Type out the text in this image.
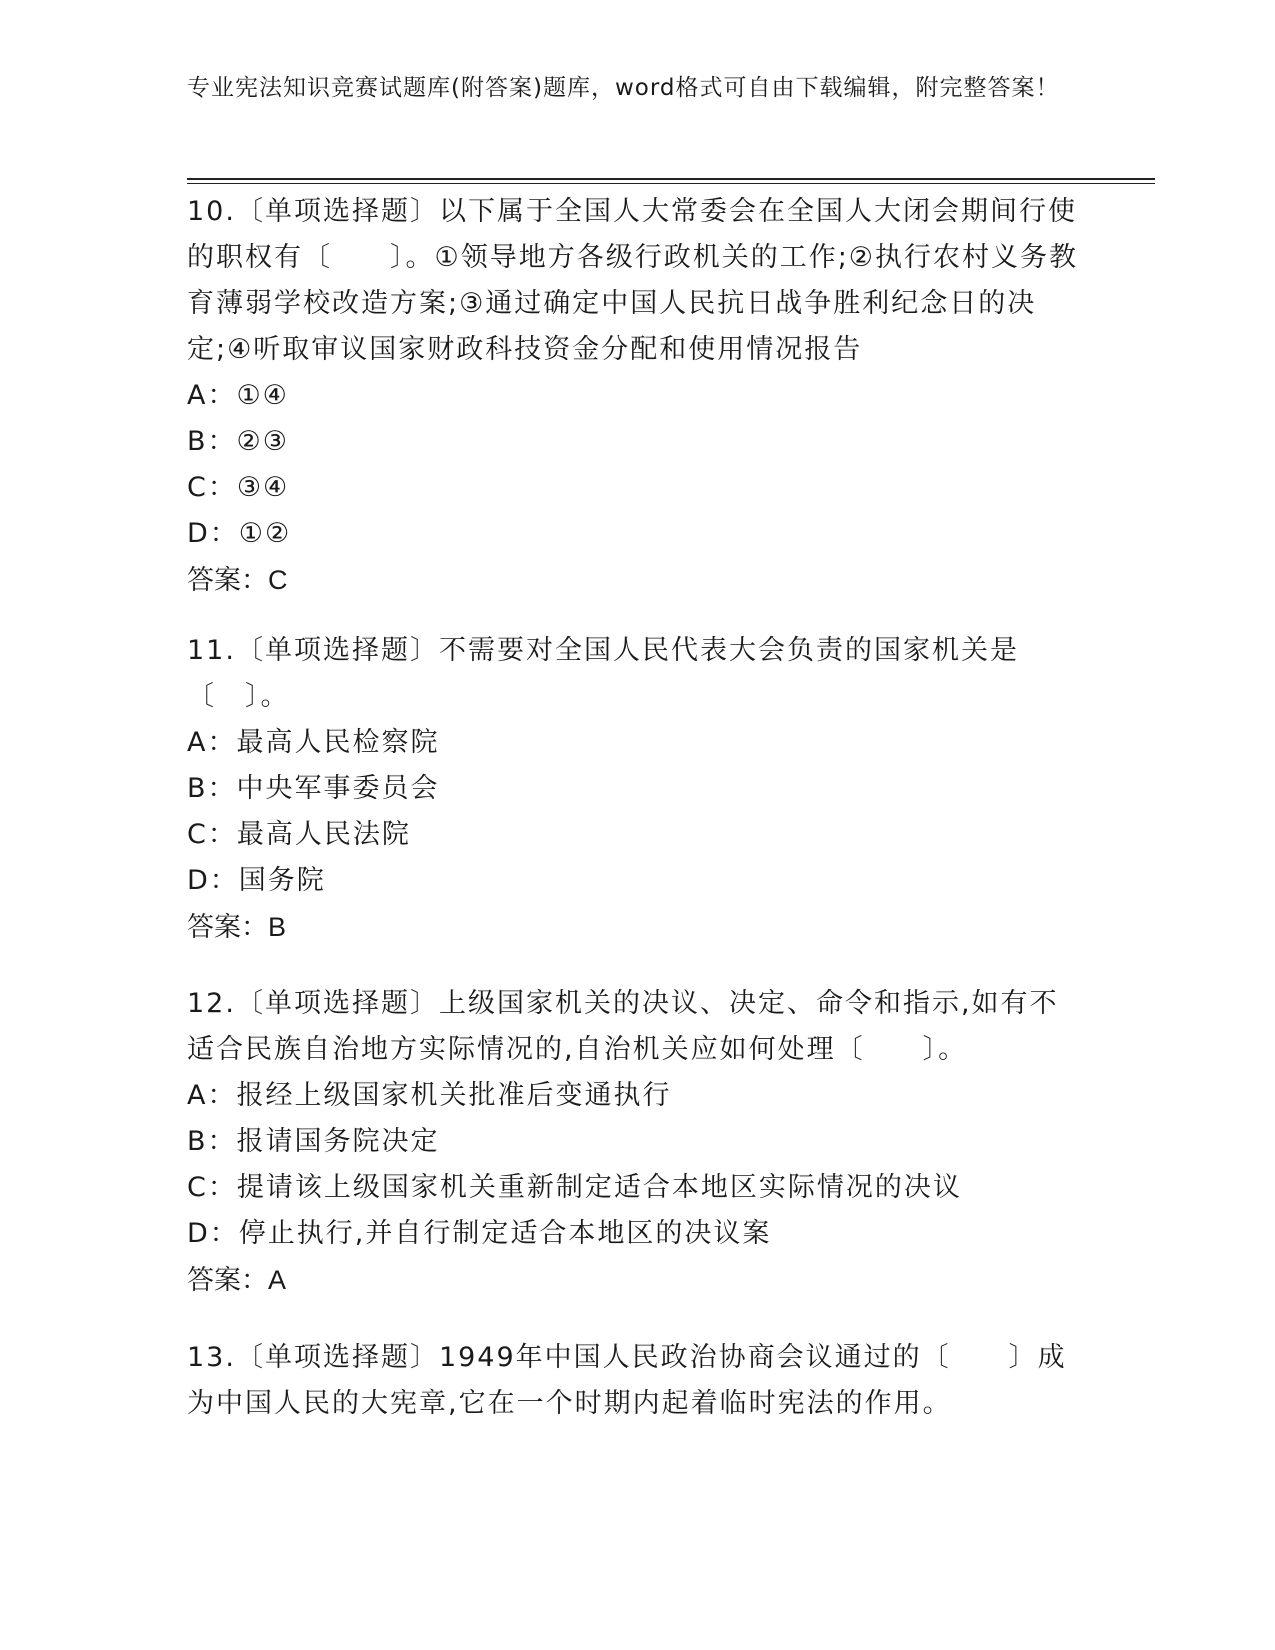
专业宪法知识竞赛试题库(附答案)题库，word格式可自由下载编辑，附完整答案！

10.〔单项选择题〕以下属于全国人大常委会在全国人大闭会期间行使的职权有〔　　〕。①领导地方各级行政机关的工作;②执行农村义务教育薄弱学校改造方案;③通过确定中国人民抗日战争胜利纪念日的决定;④听取审议国家财政科技资金分配和使用情况报告

A：①④

B：②③

C：③④

D：①②

答案：C

11.〔单项选择题〕不需要对全国人民代表大会负责的国家机关是〔　〕。

A：最高人民检察院

B：中央军事委员会

C：最高人民法院

D：国务院

答案：B

12.〔单项选择题〕上级国家机关的决议、决定、命令和指示,如有不适合民族自治地方实际情况的,自治机关应如何处理〔　　〕。

A：报经上级国家机关批准后变通执行

B：报请国务院决定

C：提请该上级国家机关重新制定适合本地区实际情况的决议

D：停止执行,并自行制定适合本地区的决议案

答案：A

13.〔单项选择题〕1949年中国人民政治协商会议通过的〔　　〕成为中国人民的大宪章,它在一个时期内起着临时宪法的作用。
